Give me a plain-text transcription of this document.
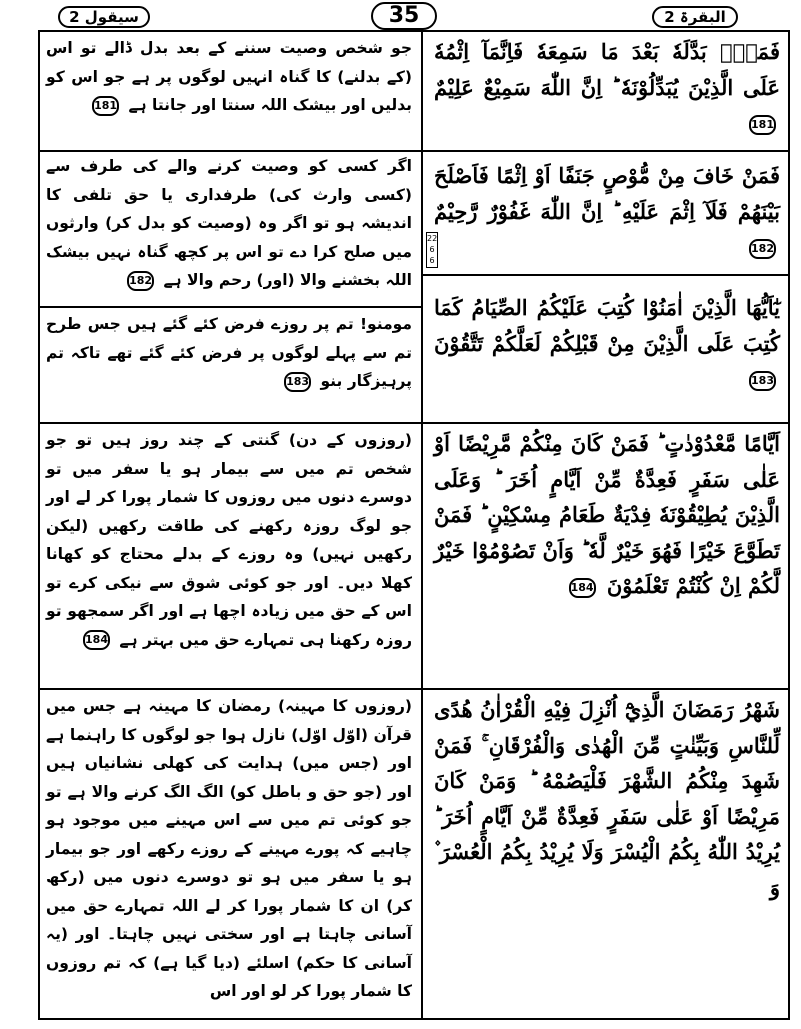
سیقول 2	35	البقرۃ 2
22
6
6
جو شخص وصیت سننے کے بعد بدل ڈالے تو اس (کے بدلنے) کا گناہ انہیں لوگوں پر ہے جو اس کو بدلیں اور بیشک اللہ سنتا اور جانتا ہے 181
اگر کسی کو وصیت کرنے والے کی طرف سے (کسی وارث کی) طرفداری یا حق تلفی کا اندیشہ ہو تو اگر وہ (وصیت کو بدل کر) وارثوں میں صلح کرا دے تو اس پر کچھ گناہ نہیں بیشک اللہ بخشنے والا (اور) رحم والا ہے 182
مومنو! تم پر روزے فرض کئے گئے ہیں جس طرح تم سے پہلے لوگوں پر فرض کئے گئے تھے تاکہ تم پرہیزگار بنو 183
(روزوں کے دن) گنتی کے چند روز ہیں تو جو شخص تم میں سے بیمار ہو یا سفر میں تو دوسرے دنوں میں روزوں کا شمار پورا کر لے اور جو لوگ روزہ رکھنے کی طاقت رکھیں (لیکن رکھیں نہیں) وہ روزے کے بدلے محتاج کو کھانا کھلا دیں۔ اور جو کوئی شوق سے نیکی کرے تو اس کے حق میں زیادہ اچھا ہے اور اگر سمجھو تو روزہ رکھنا ہی تمہارے حق میں بہتر ہے 184
(روزوں کا مہینہ) رمضان کا مہینہ ہے جس میں قرآن (اوّل اوّل) نازل ہوا جو لوگوں کا راہنما ہے اور (جس میں) ہدایت کی کھلی نشانیاں ہیں اور (جو حق و باطل کو) الگ الگ کرنے والا ہے تو جو کوئی تم میں سے اس مہینے میں موجود ہو چاہیے کہ پورے مہینے کے روزے رکھے اور جو بیمار ہو یا سفر میں ہو تو دوسرے دنوں میں (رکھ کر) ان کا شمار پورا کر لے اللہ تمہارے حق میں آسانی چاہتا ہے اور سختی نہیں چاہتا۔ اور (یہ آسانی کا حکم) اسلئے (دیا گیا ہے) کہ تم روزوں کا شمار پورا کر لو اور اس
فَمَنْۢ بَدَّلَهٗ بَعْدَ مَا سَمِعَهٗ فَاِنَّمَآ اِثْمُهٗ عَلَى الَّذِيْنَ يُبَدِّلُوْنَهٗ ؕ اِنَّ اللّٰهَ سَمِيْعٌ عَلِيْمٌ 181
فَمَنْ خَافَ مِنْ مُّوْصٍ جَنَفًا اَوْ اِثْمًا فَاَصْلَحَ بَيْنَهُمْ فَلَآ اِثْمَ عَلَيْهِ ؕ اِنَّ اللّٰهَ غَفُوْرٌ رَّحِيْمٌ 182
يٰٓاَيُّهَا الَّذِيْنَ اٰمَنُوْا كُتِبَ عَلَيْكُمُ الصِّيَامُ كَمَا كُتِبَ عَلَى الَّذِيْنَ مِنْ قَبْلِكُمْ لَعَلَّكُمْ تَتَّقُوْنَ 183
اَيَّامًا مَّعْدُوْدٰتٍ ؕ فَمَنْ كَانَ مِنْكُمْ مَّرِيْضًا اَوْ عَلٰى سَفَرٍ فَعِدَّةٌ مِّنْ اَيَّامٍ اُخَرَ ؕ وَعَلَى الَّذِيْنَ يُطِيْقُوْنَهٗ فِدْيَةٌ طَعَامُ مِسْكِيْنٍ ؕ فَمَنْ تَطَوَّعَ خَيْرًا فَهُوَ خَيْرٌ لَّهٗ ؕ وَاَنْ تَصُوْمُوْا خَيْرٌ لَّكُمْ اِنْ كُنْتُمْ تَعْلَمُوْنَ 184
شَهْرُ رَمَضَانَ الَّذِيْٓ اُنْزِلَ فِيْهِ الْقُرْاٰنُ هُدًى لِّلنَّاسِ وَبَيِّنٰتٍ مِّنَ الْهُدٰى وَالْفُرْقَانِ ۚ فَمَنْ شَهِدَ مِنْكُمُ الشَّهْرَ فَلْيَصُمْهُ ؕ وَمَنْ كَانَ مَرِيْضًا اَوْ عَلٰى سَفَرٍ فَعِدَّةٌ مِّنْ اَيَّامٍ اُخَرَ ؕ يُرِيْدُ اللّٰهُ بِكُمُ الْيُسْرَ وَلَا يُرِيْدُ بِكُمُ الْعُسْرَ ۫ وَ
